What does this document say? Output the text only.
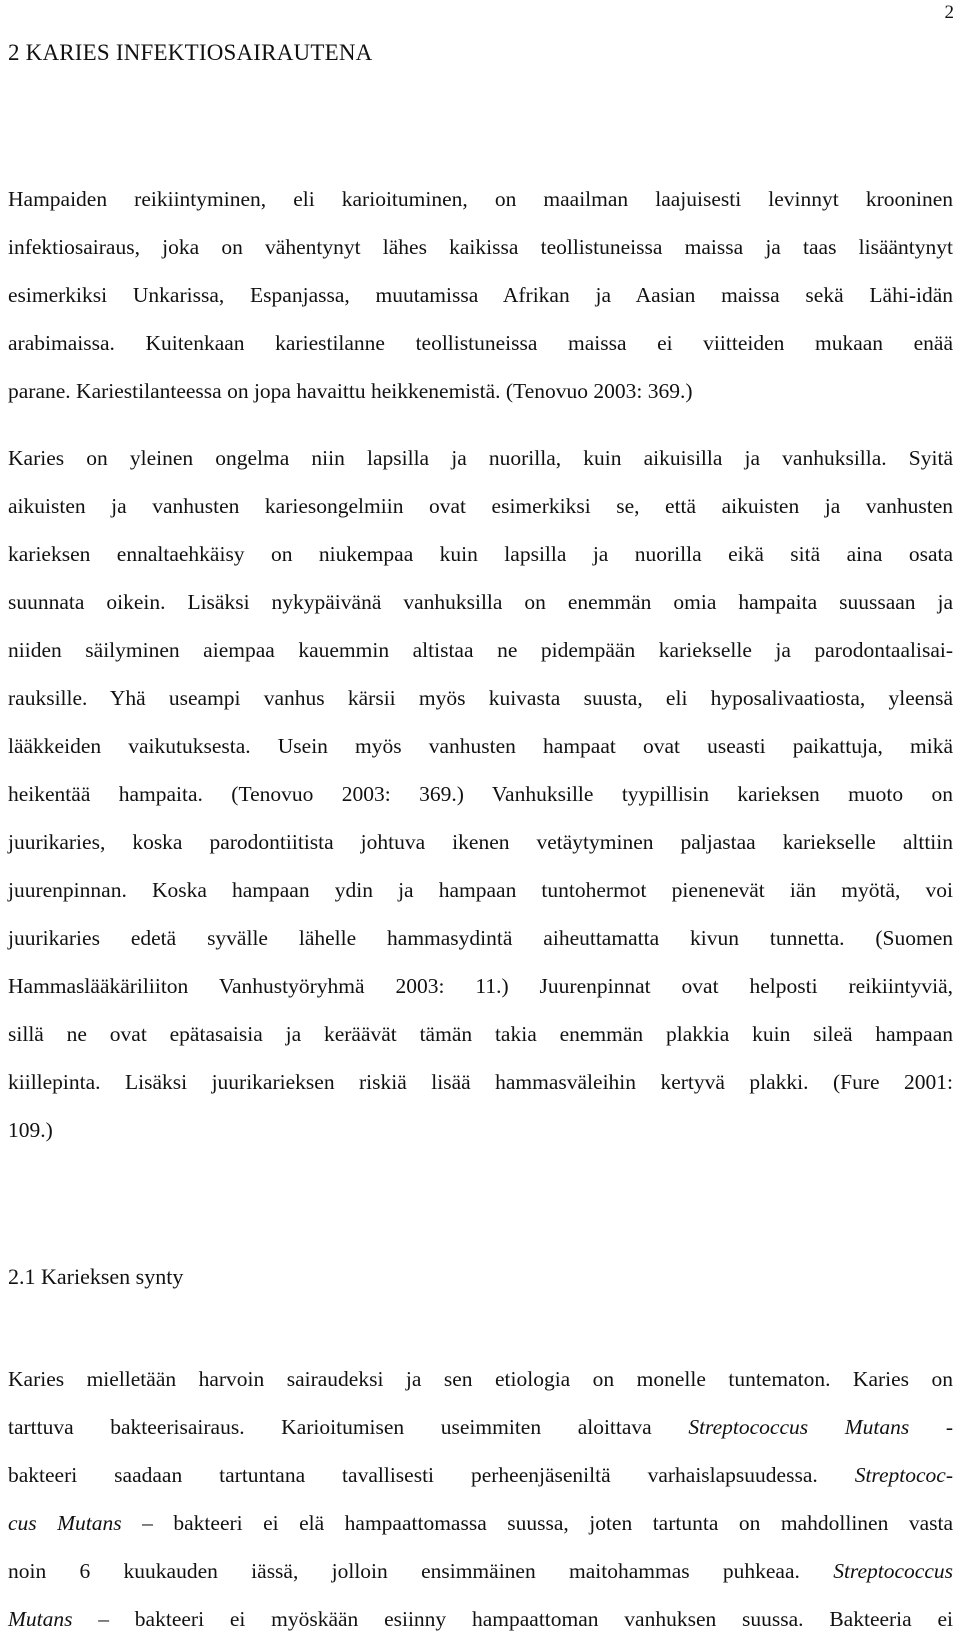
2
2 KARIES INFEKTIOSAIRAUTENA
Hampaiden reikiintyminen, eli karioituminen, on maailman laajuisesti levinnyt krooninen
infektiosairaus, joka on vähentynyt lähes kaikissa teollistuneissa maissa ja taas lisääntynyt
esimerkiksi Unkarissa, Espanjassa, muutamissa Afrikan ja Aasian maissa sekä Lähi-idän
arabimaissa. Kuitenkaan kariestilanne teollistuneissa maissa ei viitteiden mukaan enää
parane. Kariestilanteessa on jopa havaittu heikkenemistä. (Tenovuo 2003: 369.)
Karies on yleinen ongelma niin lapsilla ja nuorilla, kuin aikuisilla ja vanhuksilla. Syitä
aikuisten ja vanhusten kariesongelmiin ovat esimerkiksi se, että aikuisten ja vanhusten
karieksen ennaltaehkäisy on niukempaa kuin lapsilla ja nuorilla eikä sitä aina osata
suunnata oikein. Lisäksi nykypäivänä vanhuksilla on enemmän omia hampaita suussaan ja
niiden säilyminen aiempaa kauemmin altistaa ne pidempään kariekselle ja parodontaalisai-
rauksille. Yhä useampi vanhus kärsii myös kuivasta suusta, eli hyposalivaatiosta, yleensä
lääkkeiden vaikutuksesta. Usein myös vanhusten hampaat ovat useasti paikattuja, mikä
heikentää hampaita. (Tenovuo 2003: 369.) Vanhuksille tyypillisin karieksen muoto on
juurikaries, koska parodontiitista johtuva ikenen vetäytyminen paljastaa kariekselle alttiin
juurenpinnan. Koska hampaan ydin ja hampaan tuntohermot pienenevät iän myötä, voi
juurikaries edetä syvälle lähelle hammasydintä aiheuttamatta kivun tunnetta. (Suomen
Hammaslääkäriliiton Vanhustyöryhmä 2003: 11.) Juurenpinnat ovat helposti reikiintyviä,
sillä ne ovat epätasaisia ja keräävät tämän takia enemmän plakkia kuin sileä hampaan
kiillepinta. Lisäksi juurikarieksen riskiä lisää hammasväleihin kertyvä plakki. (Fure 2001:
109.)
2.1 Karieksen synty
Karies mielletään harvoin sairaudeksi ja sen etiologia on monelle tuntematon. Karies on
tarttuva bakteerisairaus. Karioitumisen useimmiten aloittava Streptococcus Mutans -
bakteeri saadaan tartuntana tavallisesti perheenjäseniltä varhaislapsuudessa. Streptococ-
cus Mutans – bakteeri ei elä hampaattomassa suussa, joten tartunta on mahdollinen vasta
noin 6 kuukauden iässä, jolloin ensimmäinen maitohammas puhkeaa. Streptococcus
Mutans – bakteeri ei myöskään esiinny hampaattoman vanhuksen suussa. Bakteeria ei
